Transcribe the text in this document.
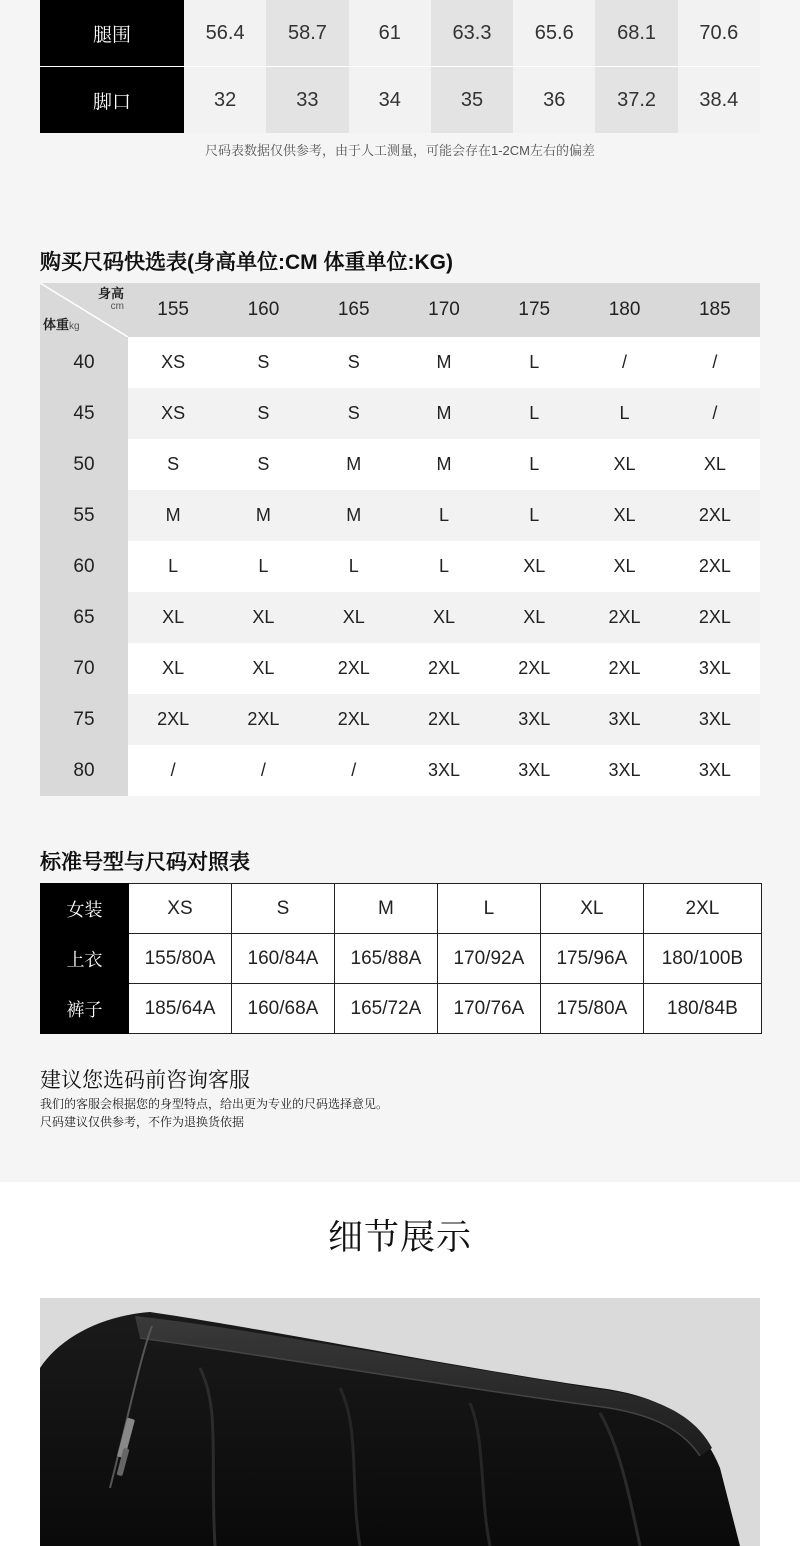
腿围	56.4	58.7	61	63.3	65.6	68.1	70.6
脚口	32	33	34	35	36	37.2	38.4
尺码表数据仅供参考，由于人工测量，可能会存在1-2CM左右的偏差
购买尺码快选表(身高单位:CM 体重单位:KG)
身高
cm
体重kg
155	160	165	170	175	180	185
40	XS	S	S	M	L	/	/
45	XS	S	S	M	L	L	/
50	S	S	M	M	L	XL	XL
55	M	M	M	L	L	XL	2XL
60	L	L	L	L	XL	XL	2XL
65	XL	XL	XL	XL	XL	2XL	2XL
70	XL	XL	2XL	2XL	2XL	2XL	3XL
75	2XL	2XL	2XL	2XL	3XL	3XL	3XL
80	/	/	/	3XL	3XL	3XL	3XL
标准号型与尺码对照表
女装	XS	S	M	L	XL	2XL
上衣	155/80A	160/84A	165/88A	170/92A	175/96A	180/100B
裤子	185/64A	160/68A	165/72A	170/76A	175/80A	180/84B
建议您选码前咨询客服
我们的客服会根据您的身型特点，给出更为专业的尺码选择意见。
尺码建议仅供参考，不作为退换货依据
细节展示
